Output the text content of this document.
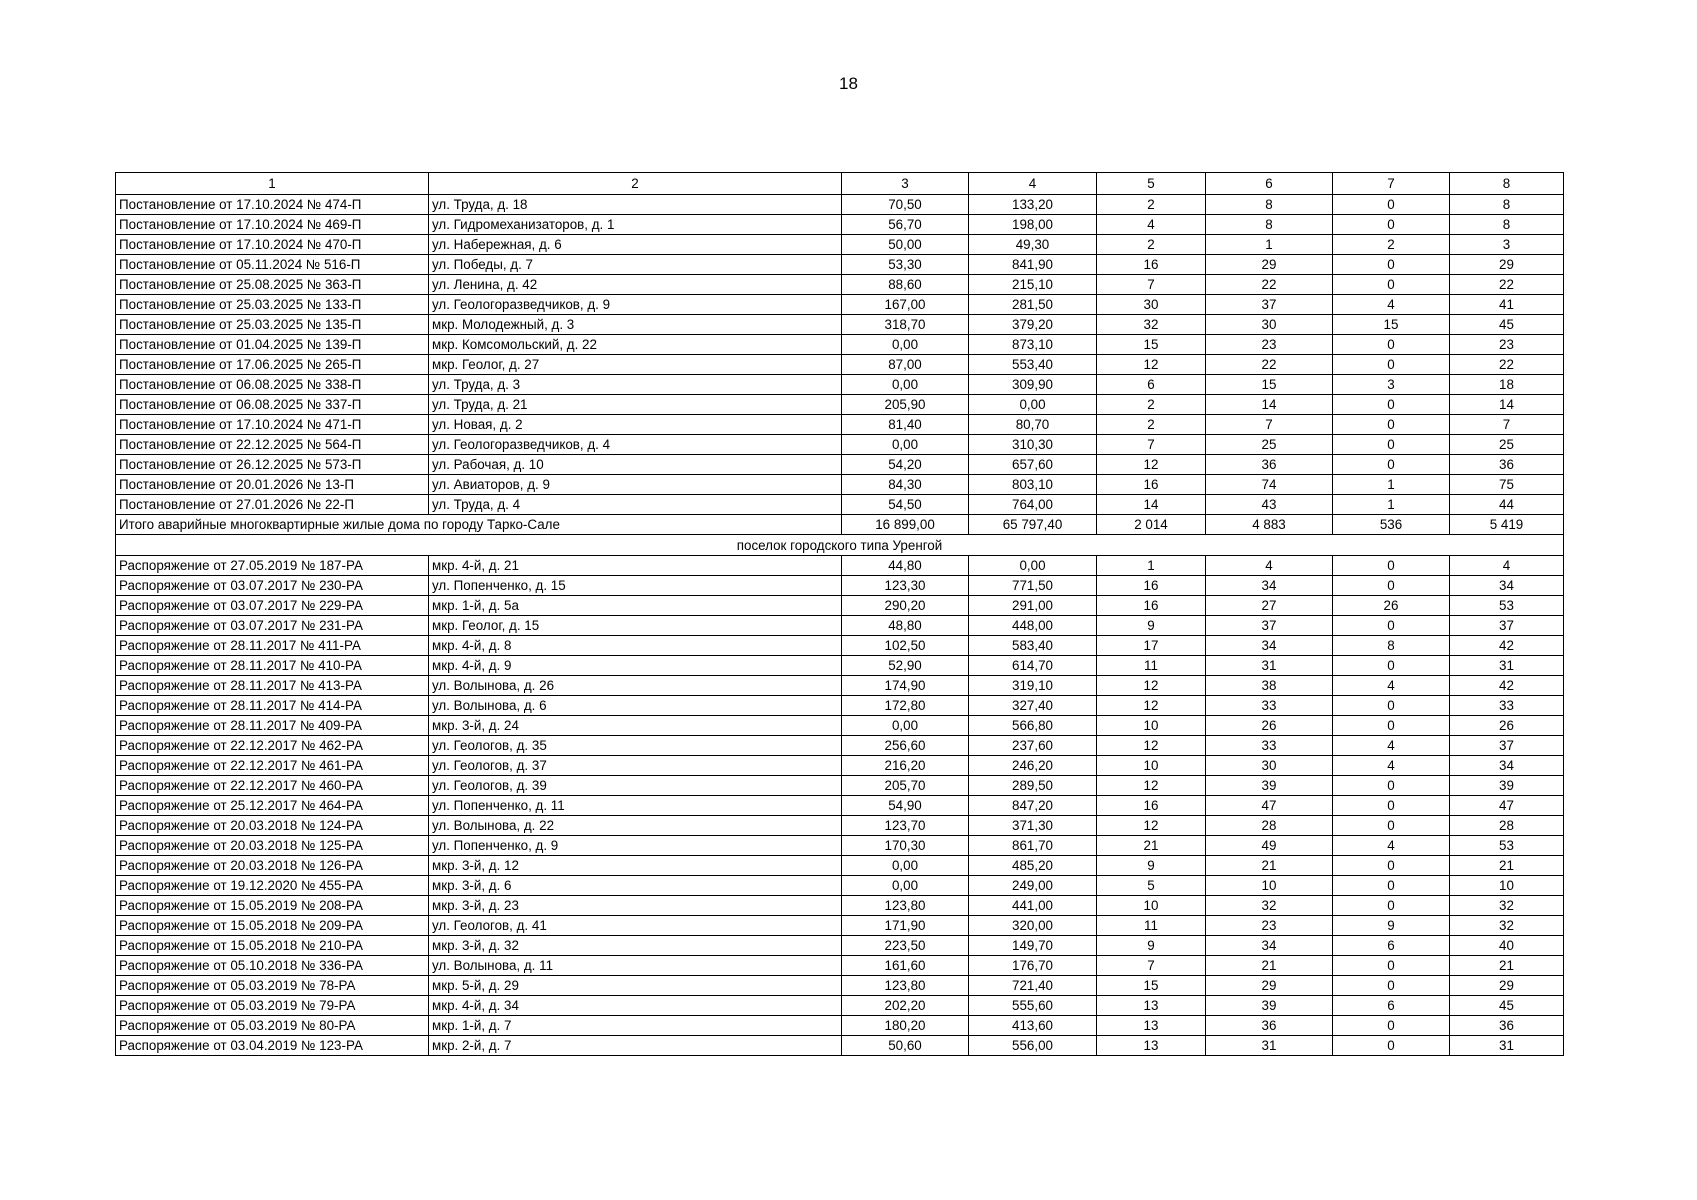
18
1	2	3	4	5	6	7	8
Постановление от 17.10.2024 № 474-П	ул. Труда, д. 18	70,50	133,20	2	8	0	8
Постановление от 17.10.2024 № 469-П	ул. Гидромеханизаторов, д. 1	56,70	198,00	4	8	0	8
Постановление от 17.10.2024 № 470-П	ул. Набережная, д. 6	50,00	49,30	2	1	2	3
Постановление от 05.11.2024 № 516-П	ул. Победы, д. 7	53,30	841,90	16	29	0	29
Постановление от 25.08.2025 № 363-П	ул. Ленина, д. 42	88,60	215,10	7	22	0	22
Постановление от 25.03.2025 № 133-П	ул. Геологоразведчиков, д. 9	167,00	281,50	30	37	4	41
Постановление от 25.03.2025 № 135-П	мкр. Молодежный, д. 3	318,70	379,20	32	30	15	45
Постановление от 01.04.2025 № 139-П	мкр. Комсомольский, д. 22	0,00	873,10	15	23	0	23
Постановление от 17.06.2025 № 265-П	мкр. Геолог, д. 27	87,00	553,40	12	22	0	22
Постановление от 06.08.2025 № 338-П	ул. Труда, д. 3	0,00	309,90	6	15	3	18
Постановление от 06.08.2025 № 337-П	ул. Труда, д. 21	205,90	0,00	2	14	0	14
Постановление от 17.10.2024 № 471-П	ул. Новая, д. 2	81,40	80,70	2	7	0	7
Постановление от 22.12.2025 № 564-П	ул. Геологоразведчиков, д. 4	0,00	310,30	7	25	0	25
Постановление от 26.12.2025 № 573-П	ул. Рабочая, д. 10	54,20	657,60	12	36	0	36
Постановление от 20.01.2026 № 13-П	ул. Авиаторов, д. 9	84,30	803,10	16	74	1	75
Постановление от 27.01.2026 № 22-П	ул. Труда, д. 4	54,50	764,00	14	43	1	44
Итого аварийные многоквартирные жилые дома по городу Тарко-Сале		16 899,00	65 797,40	2 014	4 883	536	5 419
поселок городского типа Уренгой							
Распоряжение от 27.05.2019 № 187-РА	мкр. 4-й, д. 21	44,80	0,00	1	4	0	4
Распоряжение от 03.07.2017 № 230-РА	ул. Попенченко, д. 15	123,30	771,50	16	34	0	34
Распоряжение от 03.07.2017 № 229-РА	мкр. 1-й, д. 5а	290,20	291,00	16	27	26	53
Распоряжение от 03.07.2017 № 231-РА	мкр. Геолог, д. 15	48,80	448,00	9	37	0	37
Распоряжение от 28.11.2017 № 411-РА	мкр. 4-й, д. 8	102,50	583,40	17	34	8	42
Распоряжение от 28.11.2017 № 410-РА	мкр. 4-й, д. 9	52,90	614,70	11	31	0	31
Распоряжение от 28.11.2017 № 413-РА	ул. Волынова, д. 26	174,90	319,10	12	38	4	42
Распоряжение от 28.11.2017 № 414-РА	ул. Волынова, д. 6	172,80	327,40	12	33	0	33
Распоряжение от 28.11.2017 № 409-РА	мкр. 3-й, д. 24	0,00	566,80	10	26	0	26
Распоряжение от 22.12.2017 № 462-РА	ул. Геологов, д. 35	256,60	237,60	12	33	4	37
Распоряжение от 22.12.2017 № 461-РА	ул. Геологов, д. 37	216,20	246,20	10	30	4	34
Распоряжение от 22.12.2017 № 460-РА	ул. Геологов, д. 39	205,70	289,50	12	39	0	39
Распоряжение от 25.12.2017 № 464-РА	ул. Попенченко, д. 11	54,90	847,20	16	47	0	47
Распоряжение от 20.03.2018 № 124-РА	ул. Волынова, д. 22	123,70	371,30	12	28	0	28
Распоряжение от 20.03.2018 № 125-РА	ул. Попенченко, д. 9	170,30	861,70	21	49	4	53
Распоряжение от 20.03.2018 № 126-РА	мкр. 3-й, д. 12	0,00	485,20	9	21	0	21
Распоряжение от 19.12.2020 № 455-РА	мкр. 3-й, д. 6	0,00	249,00	5	10	0	10
Распоряжение от 15.05.2019 № 208-РА	мкр. 3-й, д. 23	123,80	441,00	10	32	0	32
Распоряжение от 15.05.2018 № 209-РА	ул. Геологов, д. 41	171,90	320,00	11	23	9	32
Распоряжение от 15.05.2018 № 210-РА	мкр. 3-й, д. 32	223,50	149,70	9	34	6	40
Распоряжение от 05.10.2018 № 336-РА	ул. Волынова, д. 11	161,60	176,70	7	21	0	21
Распоряжение от 05.03.2019 № 78-РА	мкр. 5-й, д. 29	123,80	721,40	15	29	0	29
Распоряжение от 05.03.2019 № 79-РА	мкр. 4-й, д. 34	202,20	555,60	13	39	6	45
Распоряжение от 05.03.2019 № 80-РА	мкр. 1-й, д. 7	180,20	413,60	13	36	0	36
Распоряжение от 03.04.2019 № 123-РА	мкр. 2-й, д. 7	50,60	556,00	13	31	0	31
